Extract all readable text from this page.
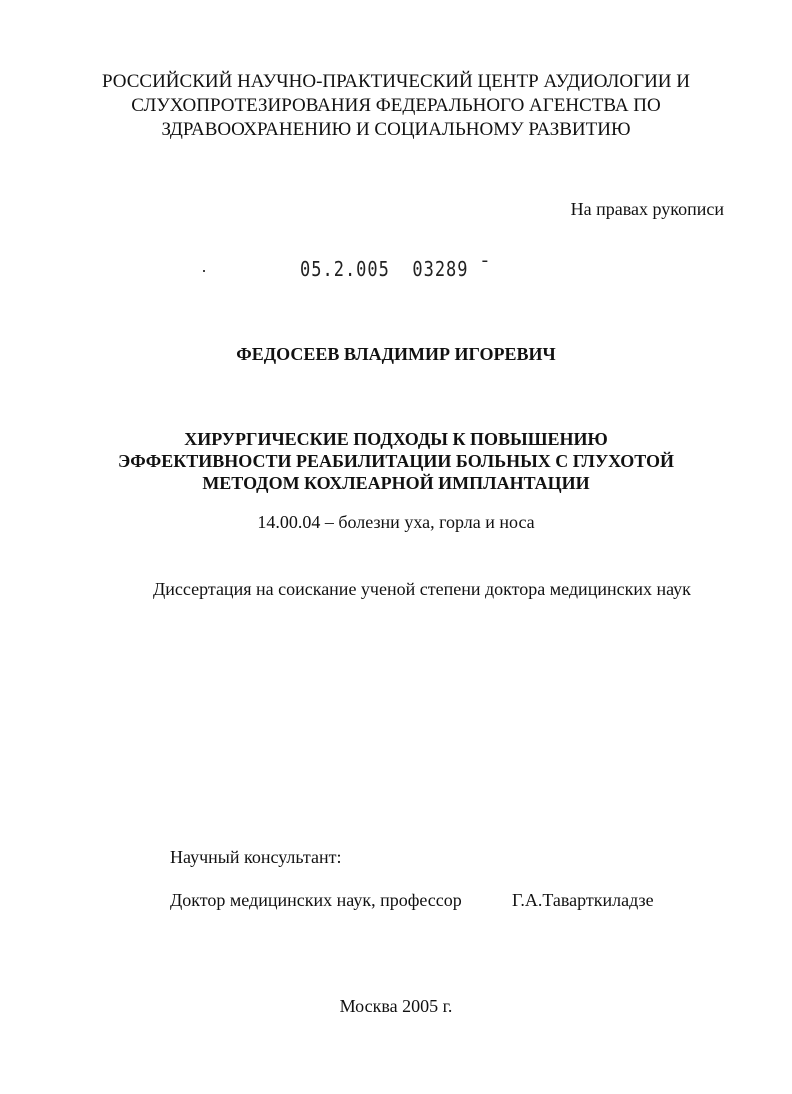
РОССИЙСКИЙ НАУЧНО-ПРАКТИЧЕСКИЙ ЦЕНТР АУДИОЛОГИИ И
СЛУХОПРОТЕЗИРОВАНИЯ ФЕДЕРАЛЬНОГО АГЕНСТВА ПО
ЗДРАВООХРАНЕНИЮ И СОЦИАЛЬНОМУ РАЗВИТИЮ
На правах рукописи
05.2.005  03289 ¯
ФЕДОСЕЕВ ВЛАДИМИР ИГОРЕВИЧ
ХИРУРГИЧЕСКИЕ ПОДХОДЫ К ПОВЫШЕНИЮ
ЭФФЕКТИВНОСТИ РЕАБИЛИТАЦИИ БОЛЬНЫХ С ГЛУХОТОЙ
МЕТОДОМ КОХЛЕАРНОЙ ИМПЛАНТАЦИИ
14.00.04 – болезни уха, горла и носа
Диссертация на соискание ученой степени доктора медицинских наук
Научный консультант:
Доктор медицинских наук, профессор	Г.А.Таварткиладзе
Москва 2005 г.
